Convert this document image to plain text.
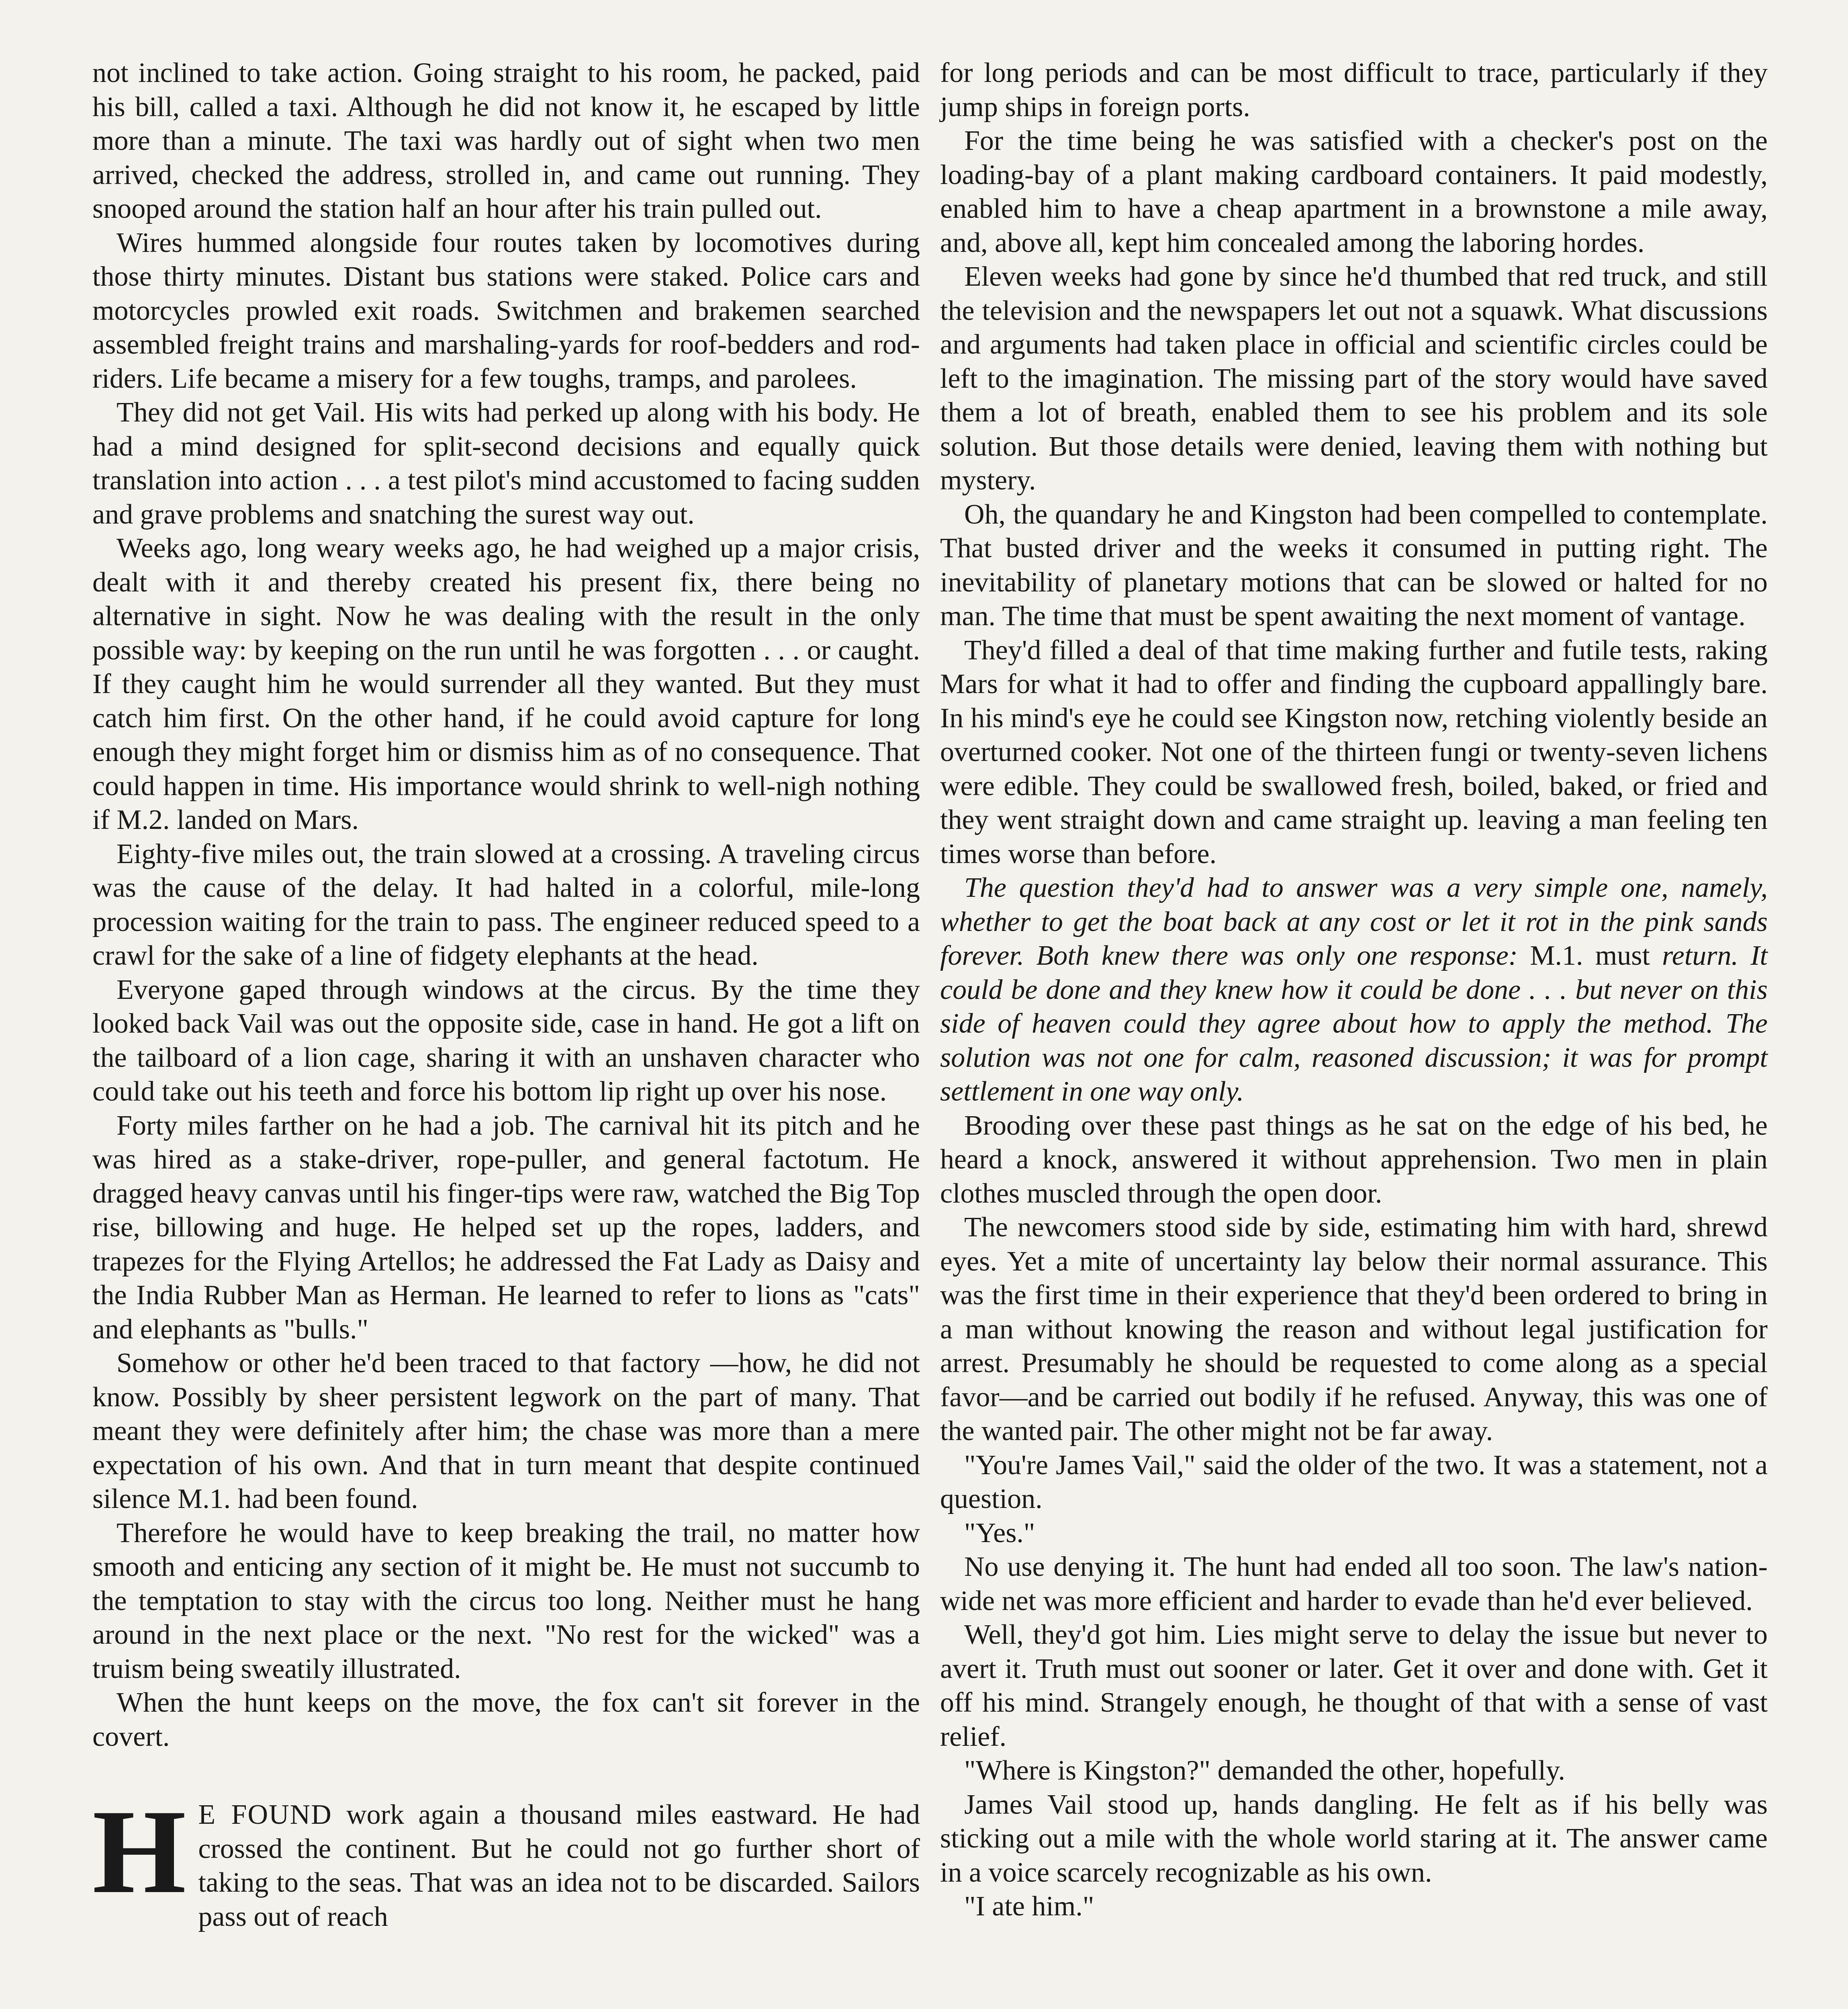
not inclined to take action. Going straight to his room, he packed, paid his bill, called a taxi. Although he did not know it, he escaped by little more than a minute. The taxi was hardly out of sight when two men arrived, checked the address, strolled in, and came out running. They snooped around the station half an hour after his train pulled out.

Wires hummed alongside four routes taken by locomotives during those thirty minutes. Distant bus stations were staked. Police cars and motorcycles prowled exit roads. Switchmen and brakemen searched assembled freight trains and marshaling-yards for roof-bedders and rod-riders. Life became a misery for a few toughs, tramps, and parolees.

They did not get Vail. His wits had perked up along with his body. He had a mind designed for split-second decisions and equally quick translation into action . . . a test pilot's mind accustomed to facing sudden and grave problems and snatching the surest way out.

Weeks ago, long weary weeks ago, he had weighed up a major crisis, dealt with it and thereby created his present fix, there being no alternative in sight. Now he was dealing with the result in the only possible way: by keeping on the run until he was forgotten . . . or caught. If they caught him he would surrender all they wanted. But they must catch him first. On the other hand, if he could avoid capture for long enough they might forget him or dismiss him as of no consequence. That could happen in time. His importance would shrink to well-nigh nothing if M.2. landed on Mars.

Eighty-five miles out, the train slowed at a crossing. A traveling circus was the cause of the delay. It had halted in a colorful, mile-long procession waiting for the train to pass. The engineer reduced speed to a crawl for the sake of a line of fidgety elephants at the head.

Everyone gaped through windows at the circus. By the time they looked back Vail was out the opposite side, case in hand. He got a lift on the tailboard of a lion cage, sharing it with an unshaven character who could take out his teeth and force his bottom lip right up over his nose.

Forty miles farther on he had a job. The carnival hit its pitch and he was hired as a stake-driver, rope-puller, and general factotum. He dragged heavy canvas until his finger-tips were raw, watched the Big Top rise, billowing and huge. He helped set up the ropes, ladders, and trapezes for the Flying Artellos; he addressed the Fat Lady as Daisy and the India Rubber Man as Herman. He learned to refer to lions as "cats" and elephants as "bulls."

Somehow or other he'd been traced to that factory —how, he did not know. Possibly by sheer persistent legwork on the part of many. That meant they were definitely after him; the chase was more than a mere expectation of his own. And that in turn meant that despite continued silence M.1. had been found.

Therefore he would have to keep breaking the trail, no matter how smooth and enticing any section of it might be. He must not succumb to the temptation to stay with the circus too long. Neither must he hang around in the next place or the next. "No rest for the wicked" was a truism being sweatily illustrated.

When the hunt keeps on the move, the fox can't sit forever in the covert.

H E FOUND work again a thousand miles eastward. He had crossed the continent. But he could not go further short of taking to the seas. That was an idea not to be discarded. Sailors pass out of reach

for long periods and can be most difficult to trace, particularly if they jump ships in foreign ports.

For the time being he was satisfied with a checker's post on the loading-bay of a plant making cardboard containers. It paid modestly, enabled him to have a cheap apartment in a brownstone a mile away, and, above all, kept him concealed among the laboring hordes.

Eleven weeks had gone by since he'd thumbed that red truck, and still the television and the newspapers let out not a squawk. What discussions and arguments had taken place in official and scientific circles could be left to the imagination. The missing part of the story would have saved them a lot of breath, enabled them to see his problem and its sole solution. But those details were denied, leaving them with nothing but mystery.

Oh, the quandary he and Kingston had been compelled to contemplate. That busted driver and the weeks it consumed in putting right. The inevitability of planetary motions that can be slowed or halted for no man. The time that must be spent awaiting the next moment of vantage.

They'd filled a deal of that time making further and futile tests, raking Mars for what it had to offer and finding the cupboard appallingly bare. In his mind's eye he could see Kingston now, retching violently beside an overturned cooker. Not one of the thirteen fungi or twenty-seven lichens were edible. They could be swallowed fresh, boiled, baked, or fried and they went straight down and came straight up. leaving a man feeling ten times worse than before.

The question they'd had to answer was a very simple one, namely, whether to get the boat back at any cost or let it rot in the pink sands forever. Both knew there was only one response: M.1. must return. It could be done and they knew how it could be done . . . but never on this side of heaven could they agree about how to apply the method. The solution was not one for calm, reasoned discussion; it was for prompt settlement in one way only.

Brooding over these past things as he sat on the edge of his bed, he heard a knock, answered it without apprehension. Two men in plain clothes muscled through the open door.

The newcomers stood side by side, estimating him with hard, shrewd eyes. Yet a mite of uncertainty lay below their normal assurance. This was the first time in their experience that they'd been ordered to bring in a man without knowing the reason and without legal justification for arrest. Presumably he should be requested to come along as a special favor—and be carried out bodily if he refused. Anyway, this was one of the wanted pair. The other might not be far away.

"You're James Vail," said the older of the two. It was a statement, not a question.

"Yes."

No use denying it. The hunt had ended all too soon. The law's nation-wide net was more efficient and harder to evade than he'd ever believed.

Well, they'd got him. Lies might serve to delay the issue but never to avert it. Truth must out sooner or later. Get it over and done with. Get it off his mind. Strangely enough, he thought of that with a sense of vast relief.

"Where is Kingston?" demanded the other, hopefully.

James Vail stood up, hands dangling. He felt as if his belly was sticking out a mile with the whole world staring at it. The answer came in a voice scarcely recognizable as his own.

"I ate him."
